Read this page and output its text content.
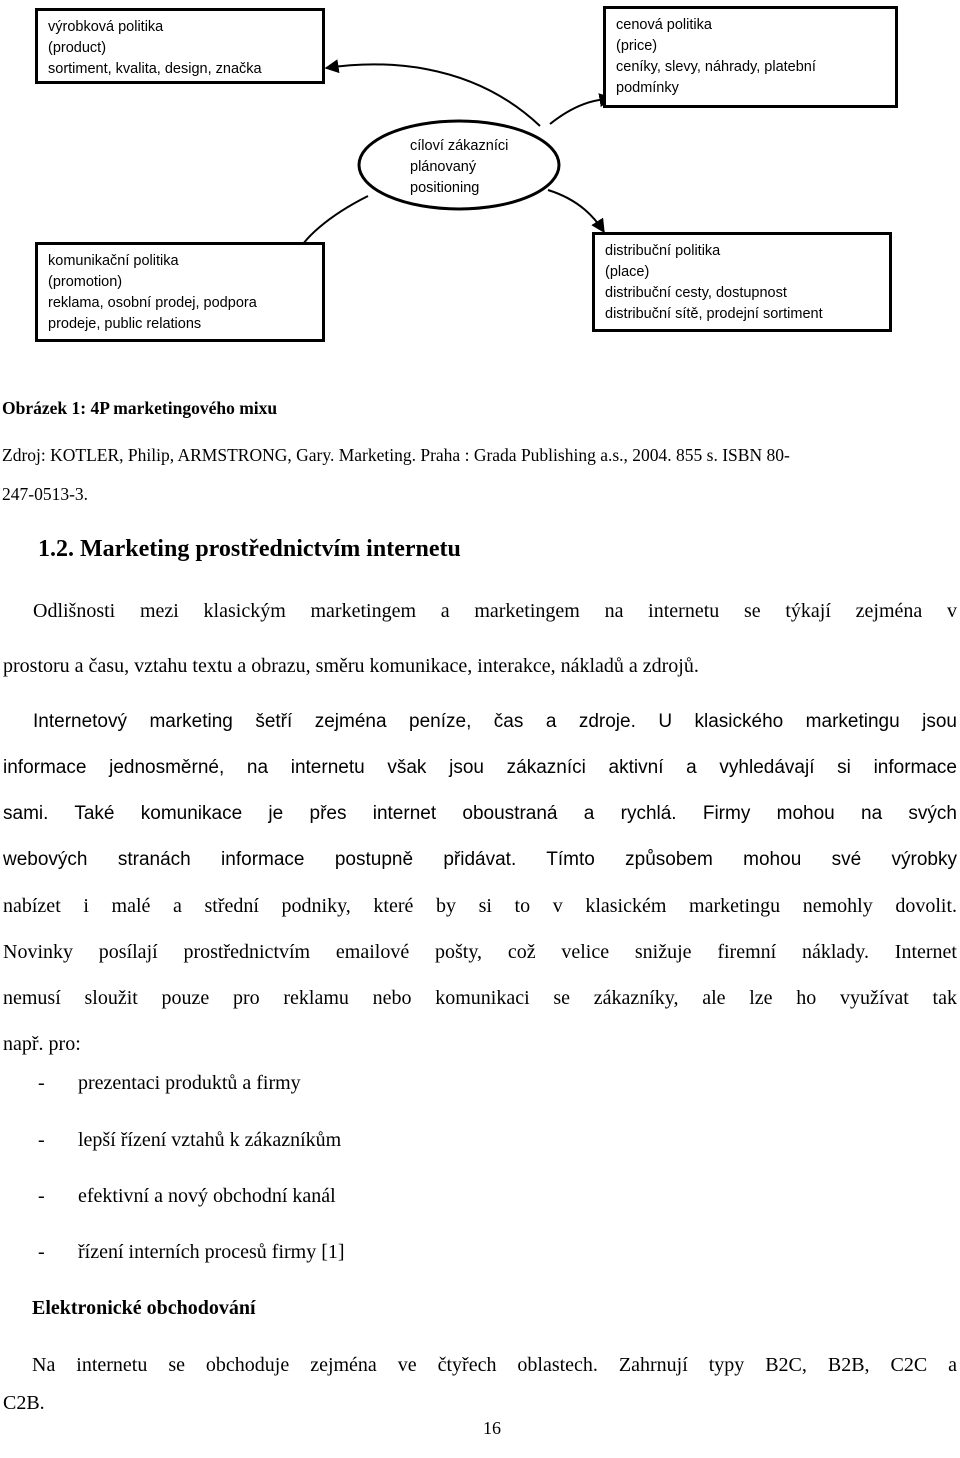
výrobková politika
(product)
sortiment, kvalita, design, značka
cenová politika
(price)
ceníky, slevy, náhrady, platební
podmínky
cíloví zákazníci
plánovaný
positioning
komunikační politika
(promotion)
reklama, osobní prodej, podpora
prodeje, public relations
distribuční politika
(place)
distribuční cesty, dostupnost
distribuční sítě, prodejní sortiment
Obrázek 1: 4P marketingového mixu
Zdroj: KOTLER, Philip, ARMSTRONG, Gary. Marketing. Praha : Grada Publishing a.s., 2004. 855 s. ISBN 80-
247-0513-3.
1.2. Marketing prostřednictvím internetu
Odlišnosti mezi klasickým marketingem a marketingem na internetu se týkají zejména v
prostoru a času, vztahu textu a obrazu, směru komunikace, interakce, nákladů a zdrojů.
Internetový marketing šetří zejména peníze, čas a zdroje. U klasického marketingu jsou
informace jednosměrné, na internetu však jsou zákazníci aktivní a vyhledávají si informace
sami. Také komunikace je přes internet oboustraná a rychlá. Firmy mohou na svých
webových stranách informace postupně přidávat. Tímto způsobem mohou své výrobky
nabízet i malé a střední podniky, které by si to v klasickém marketingu nemohly dovolit.
Novinky posílají prostřednictvím emailové pošty, což velice snižuje firemní náklady. Internet
nemusí sloužit pouze pro reklamu nebo komunikaci se zákazníky, ale lze ho využívat tak
např. pro:
- prezentaci produktů a firmy
- lepší řízení vztahů k zákazníkům
- efektivní a nový obchodní kanál
- řízení interních procesů firmy [1]
Elektronické obchodování
Na internetu se obchoduje zejména ve čtyřech oblastech. Zahrnují typy B2C, B2B, C2C a
C2B.
16
